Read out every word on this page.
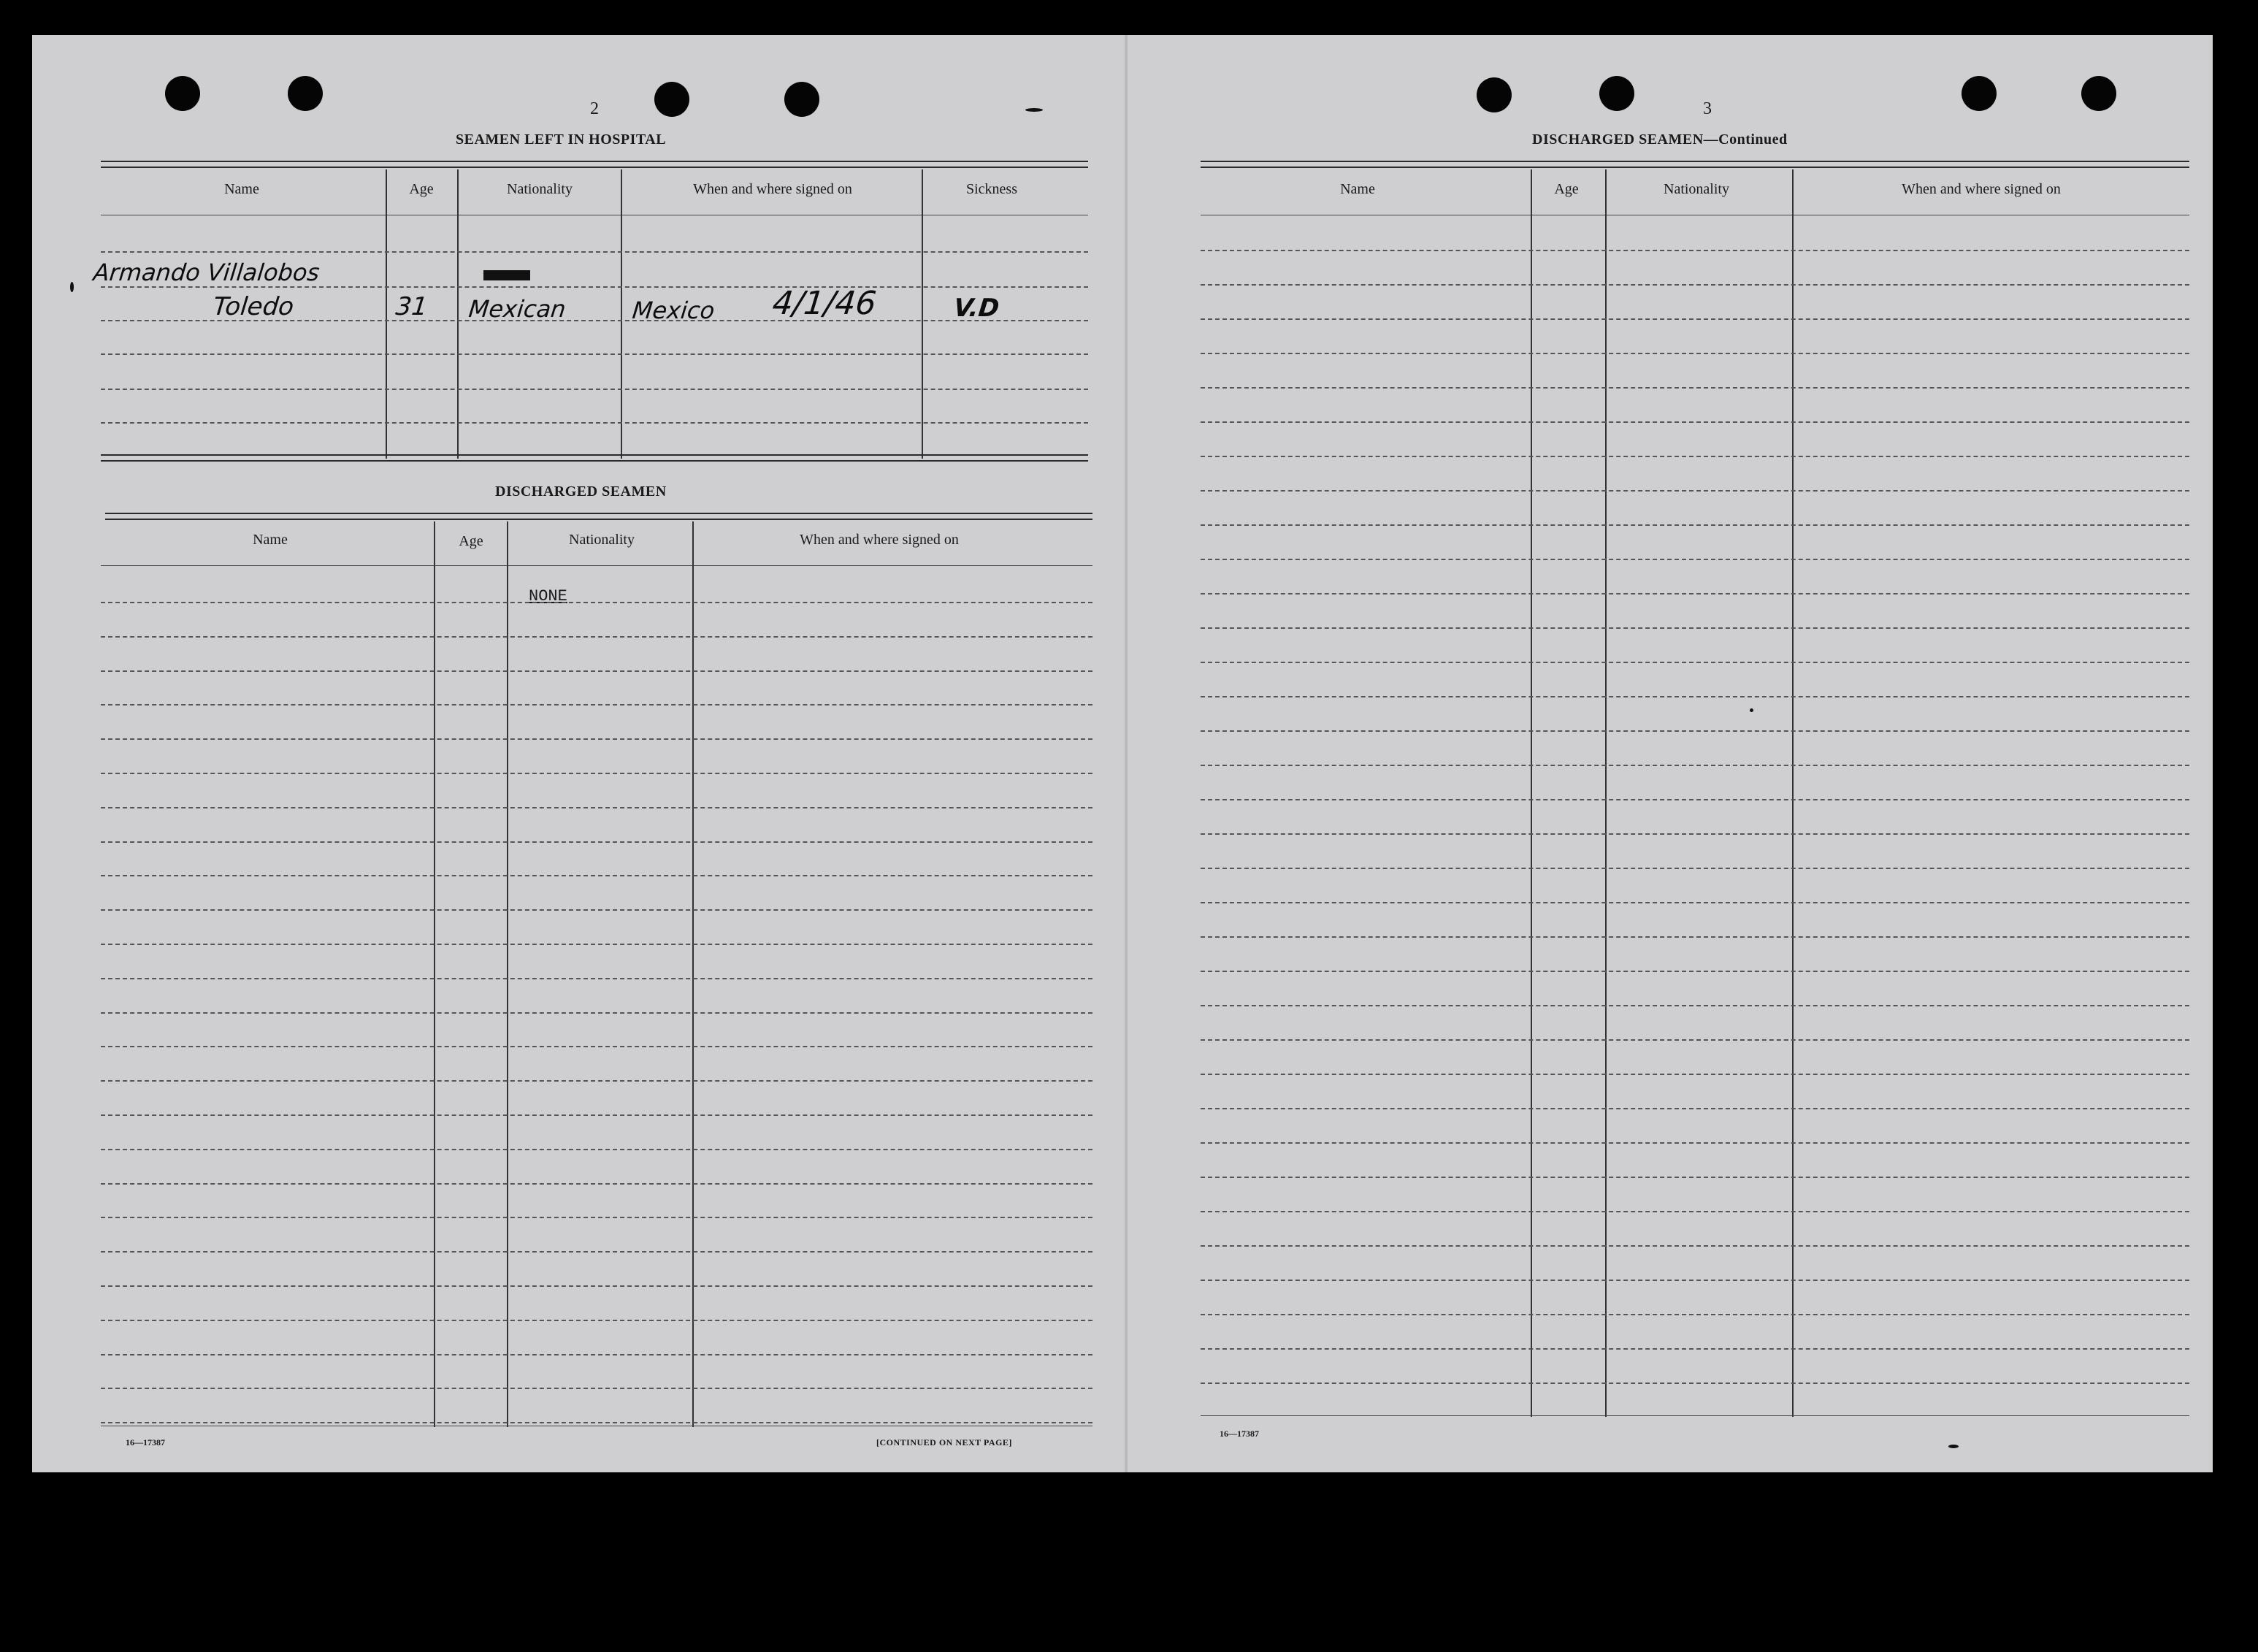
2
SEAMEN LEFT IN HOSPITAL
Name	Age	Nationality	When and where signed on	Sickness
Armando Villalobos
Toledo	31 Mexican	Mexico 4/1/46	V.D
DISCHARGED SEAMEN
Name	Age	Nationality	When and where signed on
NONE
16—17387	[CONTINUED ON NEXT PAGE]
3
DISCHARGED SEAMEN—Continued
Name	Age	Nationality	When and where signed on
16—17387
